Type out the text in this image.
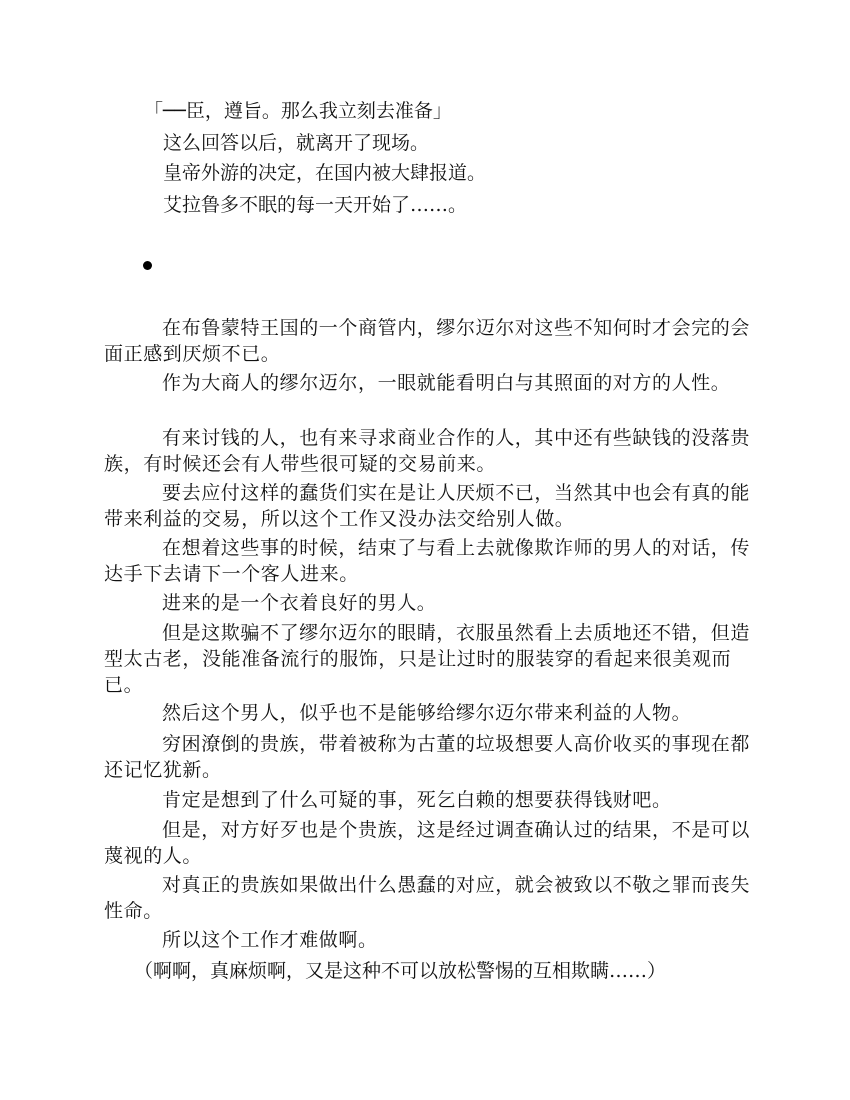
「──臣，遵旨。那么我立刻去准备」
这么回答以后，就离开了现场。
皇帝外游的决定，在国内被大肆报道。
艾拉鲁多不眠的每一天开始了……。
在布鲁蒙特王国的一个商管内，缪尔迈尔对这些不知何时才会完的会面正感到厌烦不已。
作为大商人的缪尔迈尔，一眼就能看明白与其照面的对方的人性。
有来讨钱的人，也有来寻求商业合作的人，其中还有些缺钱的没落贵族，有时候还会有人带些很可疑的交易前来。
要去应付这样的蠢货们实在是让人厌烦不已，当然其中也会有真的能带来利益的交易，所以这个工作又没办法交给别人做。
在想着这些事的时候，结束了与看上去就像欺诈师的男人的对话，传达手下去请下一个客人进来。
进来的是一个衣着良好的男人。
但是这欺骗不了缪尔迈尔的眼睛，衣服虽然看上去质地还不错，但造型太古老，没能准备流行的服饰，只是让过时的服装穿的看起来很美观而已。
然后这个男人，似乎也不是能够给缪尔迈尔带来利益的人物。
穷困潦倒的贵族，带着被称为古董的垃圾想要人高价收买的事现在都还记忆犹新。
肯定是想到了什么可疑的事，死乞白赖的想要获得钱财吧。
但是，对方好歹也是个贵族，这是经过调查确认过的结果，不是可以蔑视的人。
对真正的贵族如果做出什么愚蠢的对应，就会被致以不敬之罪而丧失性命。
所以这个工作才难做啊。
（啊啊，真麻烦啊，又是这种不可以放松警惕的互相欺瞒……）
